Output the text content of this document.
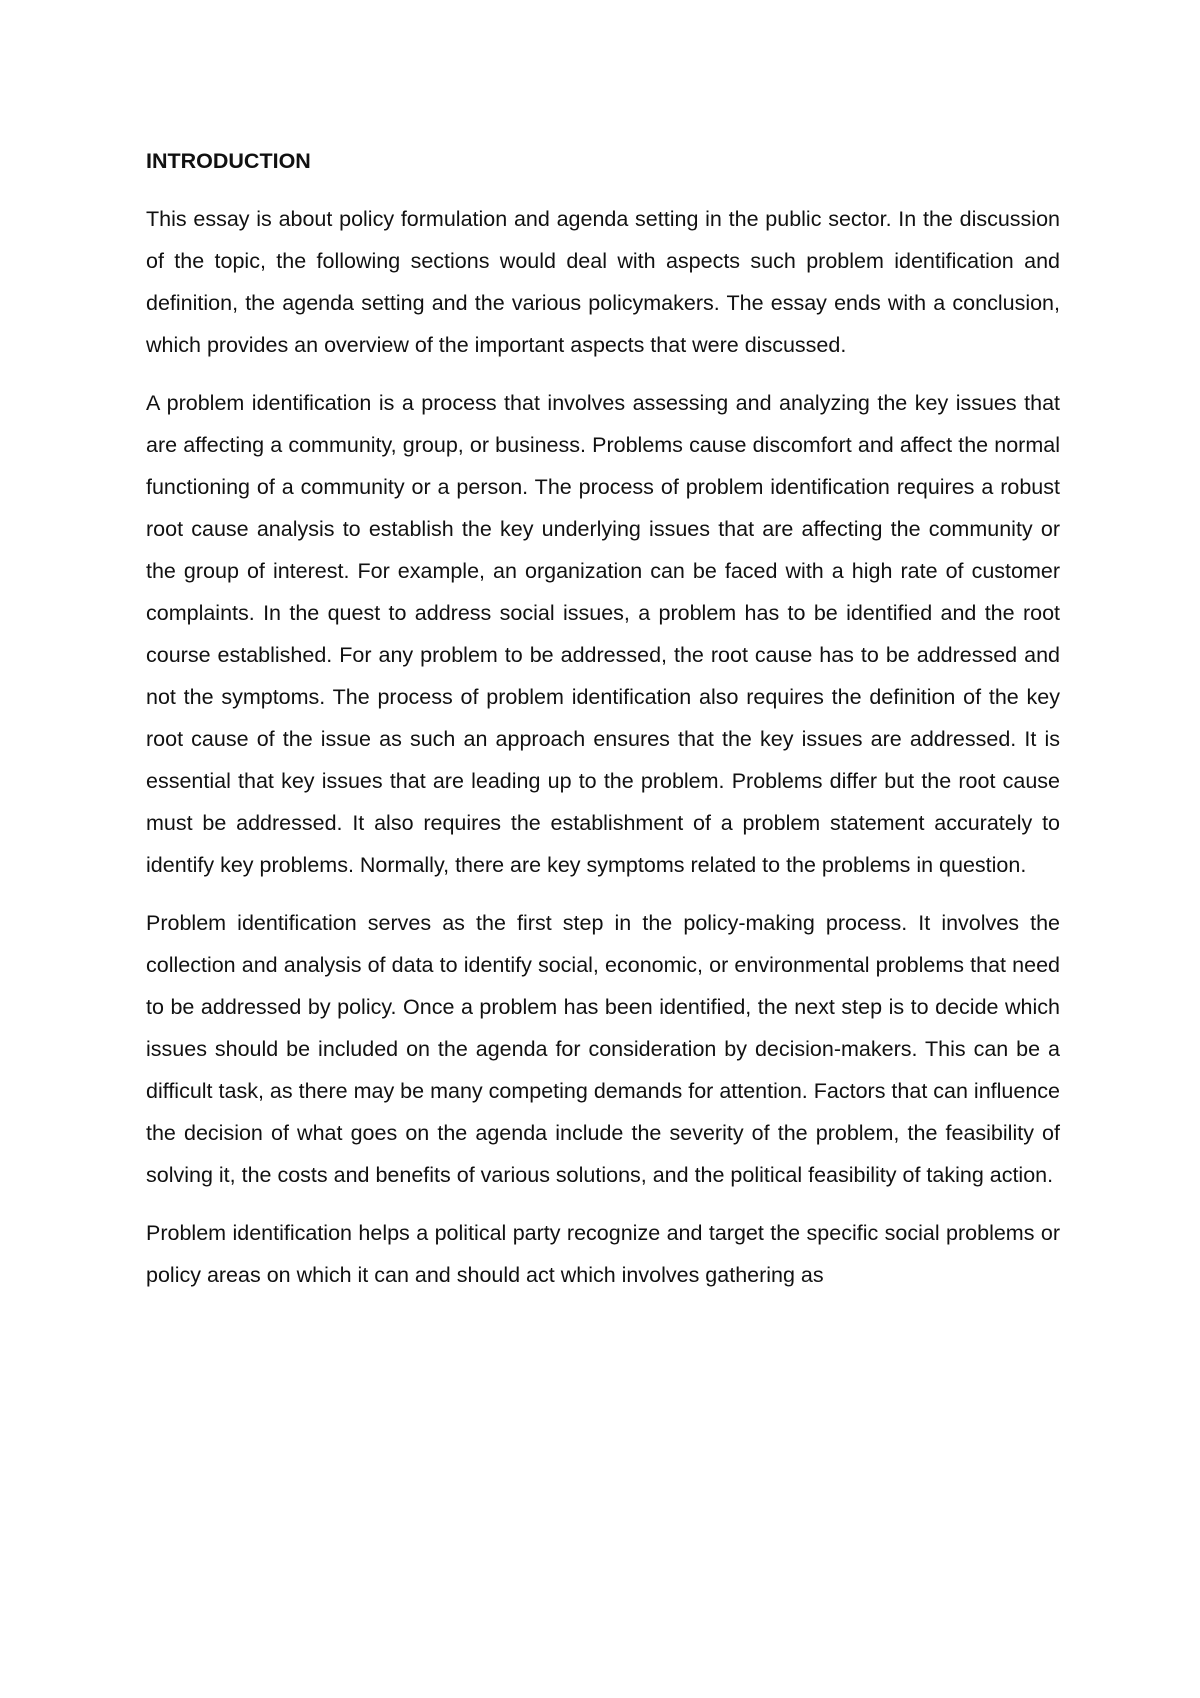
INTRODUCTION

This essay is about policy formulation and agenda setting in the public sector. In the discussion of the topic, the following sections would deal with aspects such problem identification and definition, the agenda setting and the various policymakers. The essay ends with a conclusion, which provides an overview of the important aspects that were discussed.

A problem identification is a process that involves assessing and analyzing the key issues that are affecting a community, group, or business. Problems cause discomfort and affect the normal functioning of a community or a person. The process of problem identification requires a robust root cause analysis to establish the key underlying issues that are affecting the community or the group of interest. For example, an organization can be faced with a high rate of customer complaints. In the quest to address social issues, a problem has to be identified and the root course established. For any problem to be addressed, the root cause has to be addressed and not the symptoms. The process of problem identification also requires the definition of the key root cause of the issue as such an approach ensures that the key issues are addressed. It is essential that key issues that are leading up to the problem. Problems differ but the root cause must be addressed. It also requires the establishment of a problem statement accurately to identify key problems. Normally, there are key symptoms related to the problems in question.

Problem identification serves as the first step in the policy-making process. It involves the collection and analysis of data to identify social, economic, or environmental problems that need to be addressed by policy. Once a problem has been identified, the next step is to decide which issues should be included on the agenda for consideration by decision-makers. This can be a difficult task, as there may be many competing demands for attention. Factors that can influence the decision of what goes on the agenda include the severity of the problem, the feasibility of solving it, the costs and benefits of various solutions, and the political feasibility of taking action.

Problem identification helps a political party recognize and target the specific social problems or policy areas on which it can and should act which involves gathering as
